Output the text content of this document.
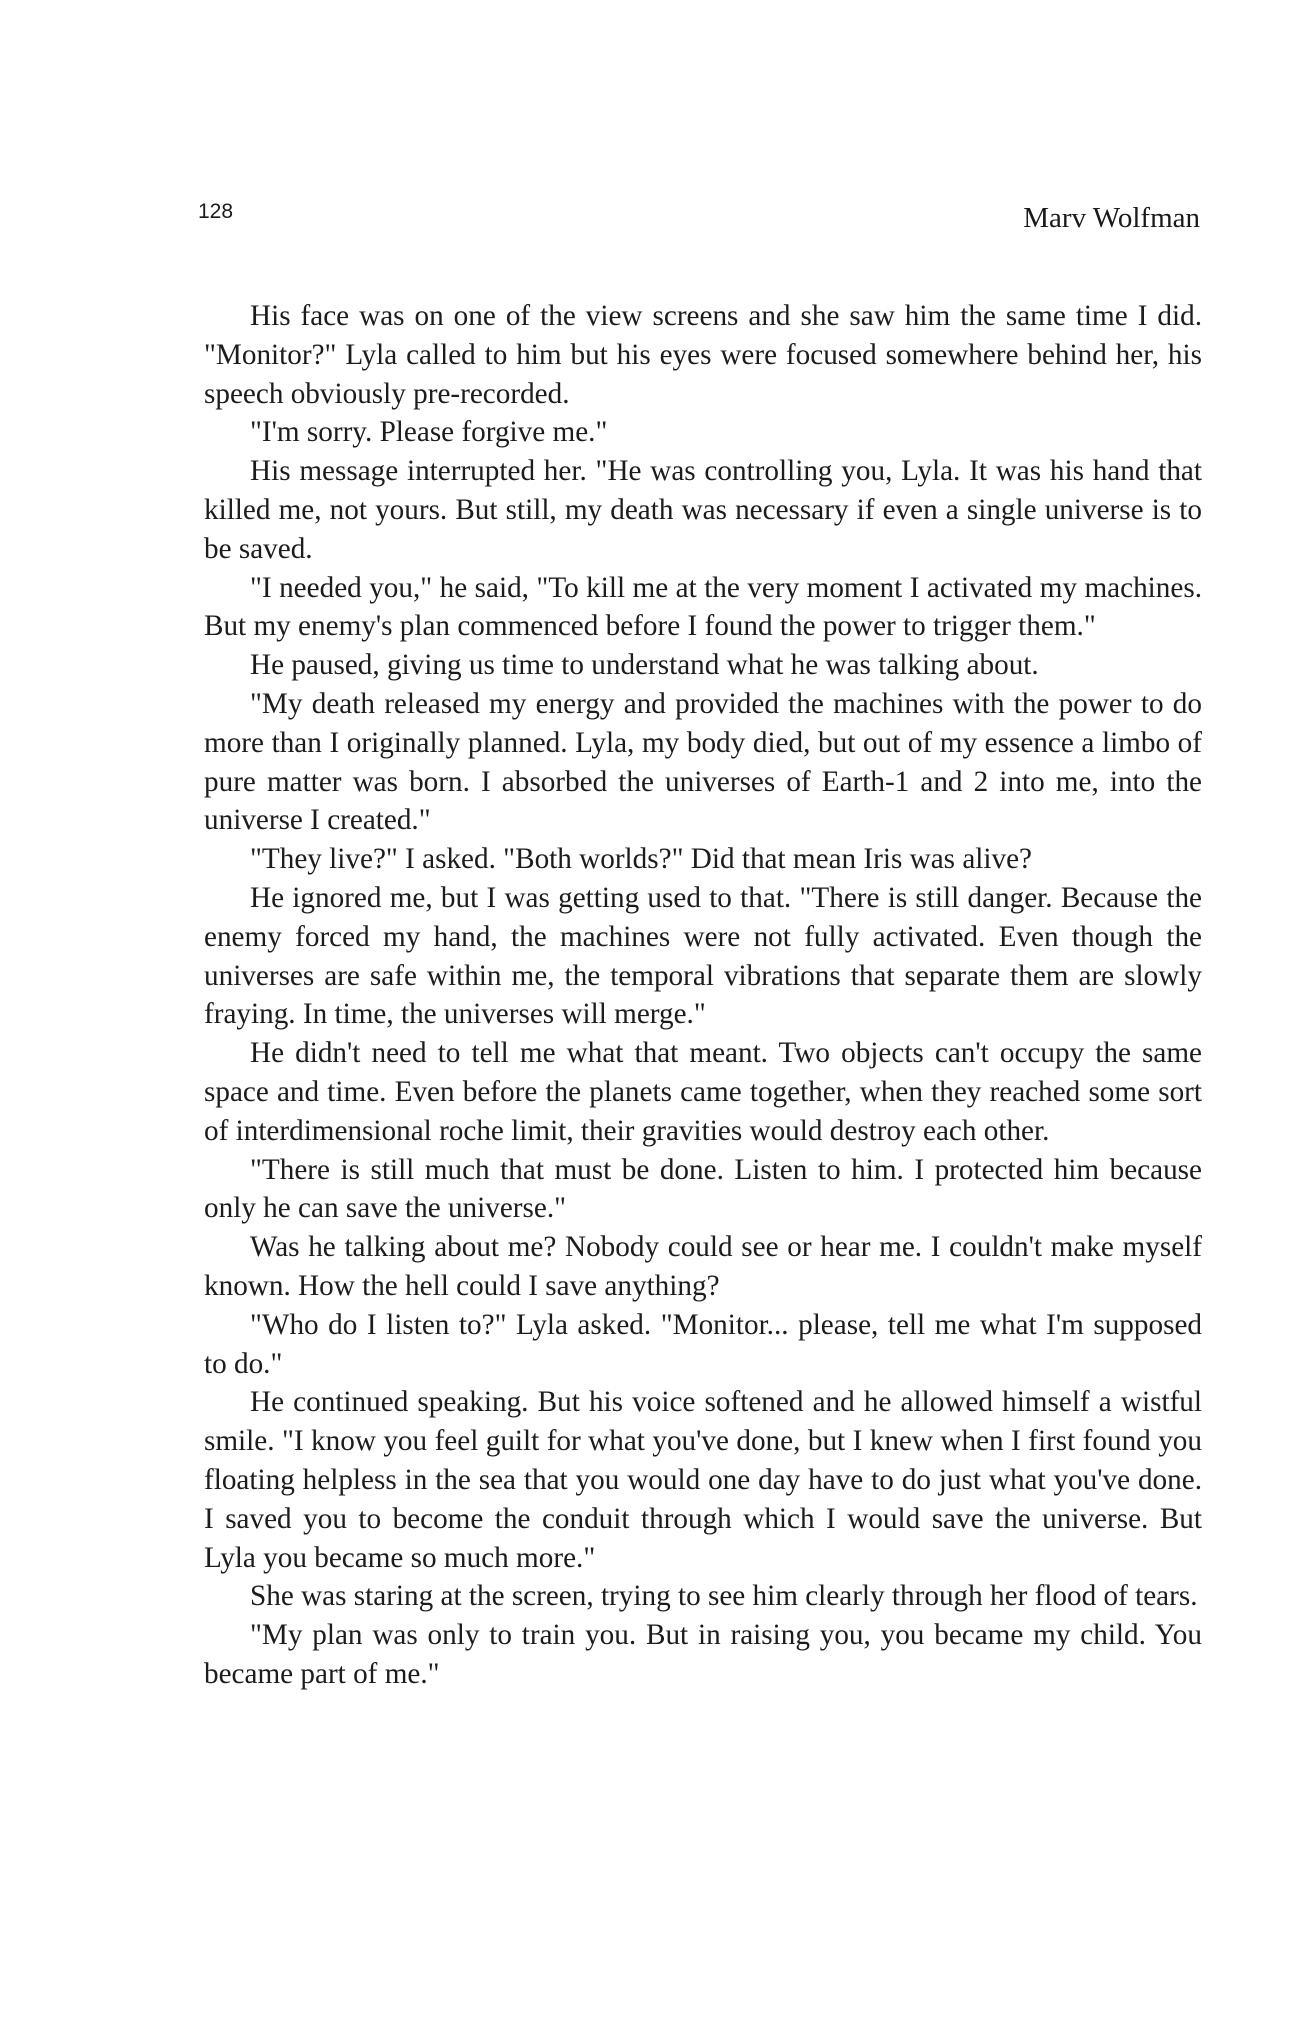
128	Marv Wolfman

His face was on one of the view screens and she saw him the same time I did. "Monitor?" Lyla called to him but his eyes were focused somewhere behind her, his speech obviously pre-recorded.

"I'm sorry. Please forgive me."

His message interrupted her. "He was controlling you, Lyla. It was his hand that killed me, not yours. But still, my death was necessary if even a single universe is to be saved.

"I needed you," he said, "To kill me at the very moment I activated my machines. But my enemy's plan commenced before I found the power to trigger them."

He paused, giving us time to understand what he was talking about.

"My death released my energy and provided the machines with the power to do more than I originally planned. Lyla, my body died, but out of my essence a limbo of pure matter was born. I absorbed the universes of Earth-1 and 2 into me, into the universe I created."

"They live?" I asked. "Both worlds?" Did that mean Iris was alive?

He ignored me, but I was getting used to that. "There is still danger. Because the enemy forced my hand, the machines were not fully activated. Even though the universes are safe within me, the temporal vibrations that separate them are slowly fraying. In time, the universes will merge."

He didn't need to tell me what that meant. Two objects can't occupy the same space and time. Even before the planets came together, when they reached some sort of interdimensional roche limit, their gravities would destroy each other.

"There is still much that must be done. Listen to him. I protected him because only he can save the universe."

Was he talking about me? Nobody could see or hear me. I couldn't make myself known. How the hell could I save anything?

"Who do I listen to?" Lyla asked. "Monitor... please, tell me what I'm supposed to do."

He continued speaking. But his voice softened and he allowed himself a wistful smile. "I know you feel guilt for what you've done, but I knew when I first found you floating helpless in the sea that you would one day have to do just what you've done. I saved you to become the conduit through which I would save the universe. But Lyla you became so much more."

She was staring at the screen, trying to see him clearly through her flood of tears.

"My plan was only to train you. But in raising you, you became my child. You became part of me."
